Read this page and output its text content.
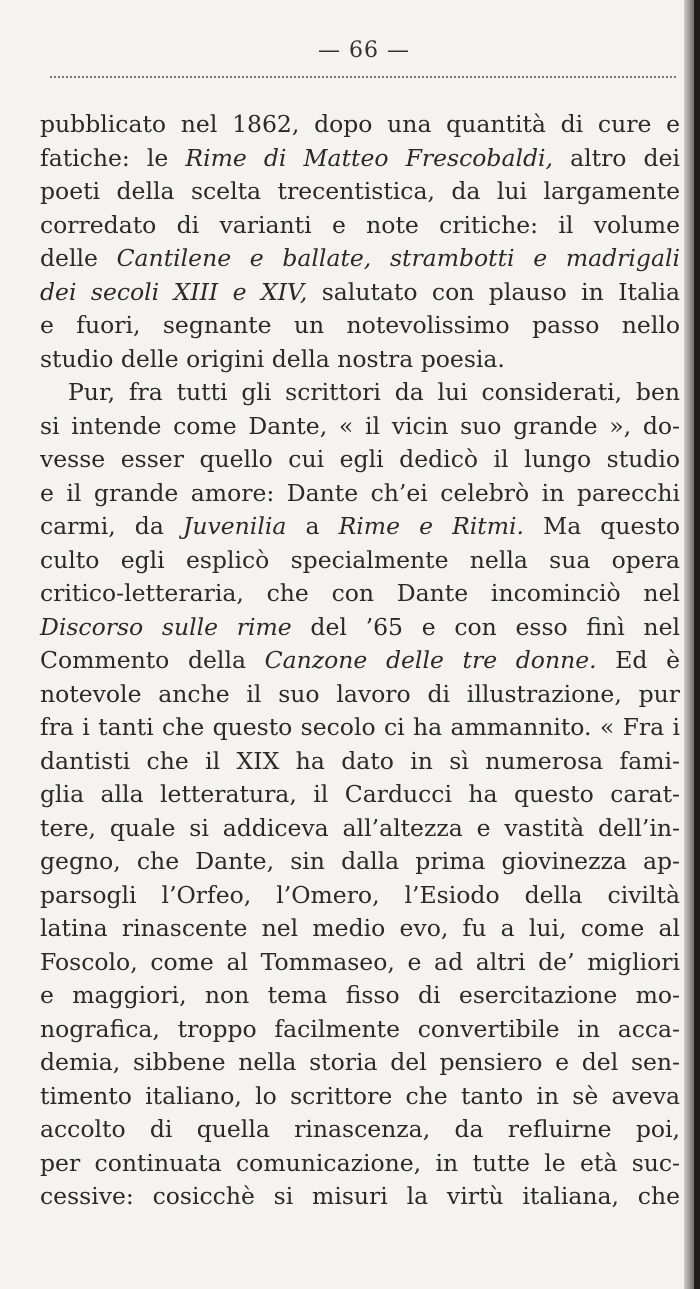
— 66 —
pubblicato nel 1862, dopo una quantità di cure e
fatiche: le Rime di Matteo Frescobaldi, altro dei
poeti della scelta trecentistica, da lui largamente
corredato di varianti e note critiche: il volume
delle Cantilene e ballate, strambotti e madrigali
dei secoli XIII e XIV, salutato con plauso in Italia
e fuori, segnante un notevolissimo passo nello
studio delle origini della nostra poesia.
Pur, fra tutti gli scrittori da lui considerati, ben
si intende come Dante, « il vicin suo grande », do-
vesse esser quello cui egli dedicò il lungo studio
e il grande amore: Dante ch’ei celebrò in parecchi
carmi, da Juvenilia a Rime e Ritmi. Ma questo
culto egli esplicò specialmente nella sua opera
critico-letteraria, che con Dante incominciò nel
Discorso sulle rime del ’65 e con esso finì nel
Commento della Canzone delle tre donne. Ed è
notevole anche il suo lavoro di illustrazione, pur
fra i tanti che questo secolo ci ha ammannito. « Fra i
dantisti che il XIX ha dato in sì numerosa fami-
glia alla letteratura, il Carducci ha questo carat-
tere, quale si addiceva all’altezza e vastità dell’in-
gegno, che Dante, sin dalla prima giovinezza ap-
parsogli l’Orfeo, l’Omero, l’Esiodo della civiltà
latina rinascente nel medio evo, fu a lui, come al
Foscolo, come al Tommaseo, e ad altri de’ migliori
e maggiori, non tema fisso di esercitazione mo-
nografica, troppo facilmente convertibile in acca-
demia, sibbene nella storia del pensiero e del sen-
timento italiano, lo scrittore che tanto in sè aveva
accolto di quella rinascenza, da refluirne poi,
per continuata comunicazione, in tutte le età suc-
cessive: cosicchè si misuri la virtù italiana, che
